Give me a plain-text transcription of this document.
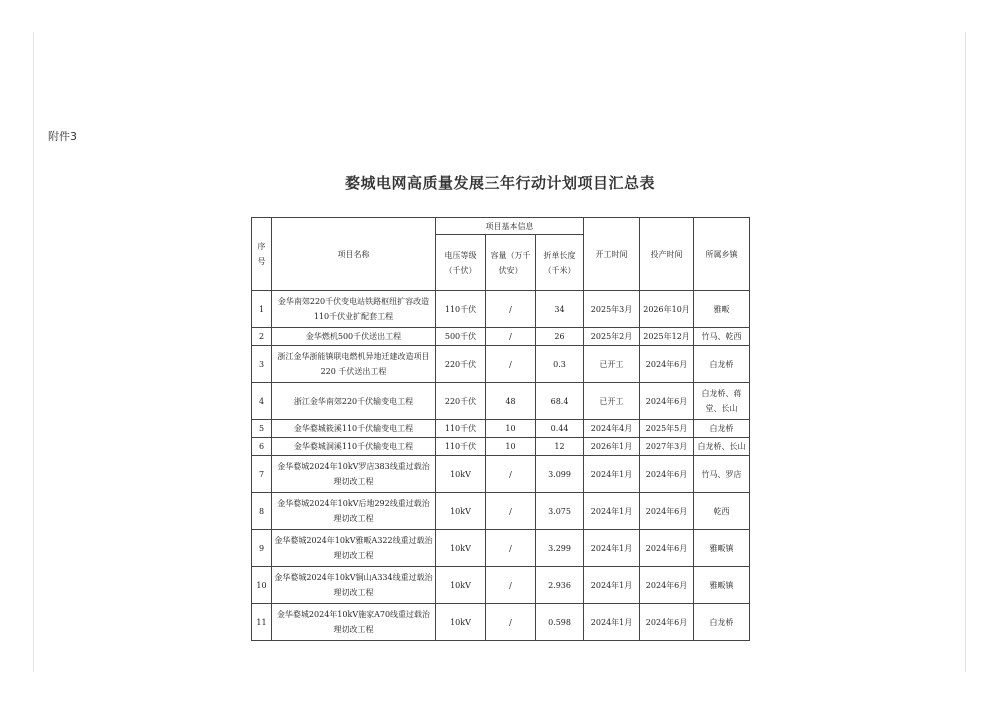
附件3
婺城电网高质量发展三年行动计划项目汇总表
序号	项目名称	项目基本信息			开工时间	投产时间	所属乡镇
		电压等级（千伏）	容量（万千伏安）	折单长度（千米）			
1	金华南郊220千伏变电站铁路枢纽扩容改造110千伏业扩配套工程	110千伏	/	34	2025年3月	2026年10月	雅畈
2	金华燃机500千伏送出工程	500千伏	/	26	2025年2月	2025年12月	竹马、乾西
3	浙江金华浙能镇联电燃机异地迁建改造项目220 千伏送出工程	220千伏	/	0.3	已开工	2024年6月	白龙桥
4	浙江金华南郊220千伏输变电工程	220千伏	48	68.4	已开工	2024年6月	白龙桥、蒋堂、长山
5	金华婺城筱溪110千伏输变电工程	110千伏	10	0.44	2024年4月	2025年5月	白龙桥
6	金华婺城洞溪110千伏输变电工程	110千伏	10	12	2026年1月	2027年3月	白龙桥、长山
7	金华婺城2024年10kV罗店383线重过载治理切改工程	10kV	/	3.099	2024年1月	2024年6月	竹马、罗店
8	金华婺城2024年10kV后地292线重过载治理切改工程	10kV	/	3.075	2024年1月	2024年6月	乾西
9	金华婺城2024年10kV雅畈A322线重过载治理切改工程	10kV	/	3.299	2024年1月	2024年6月	雅畈镇
10	金华婺城2024年10kV铜山A334线重过载治理切改工程	10kV	/	2.936	2024年1月	2024年6月	雅畈镇
11	金华婺城2024年10kV施家A70线重过载治理切改工程	10kV	/	0.598	2024年1月	2024年6月	白龙桥
